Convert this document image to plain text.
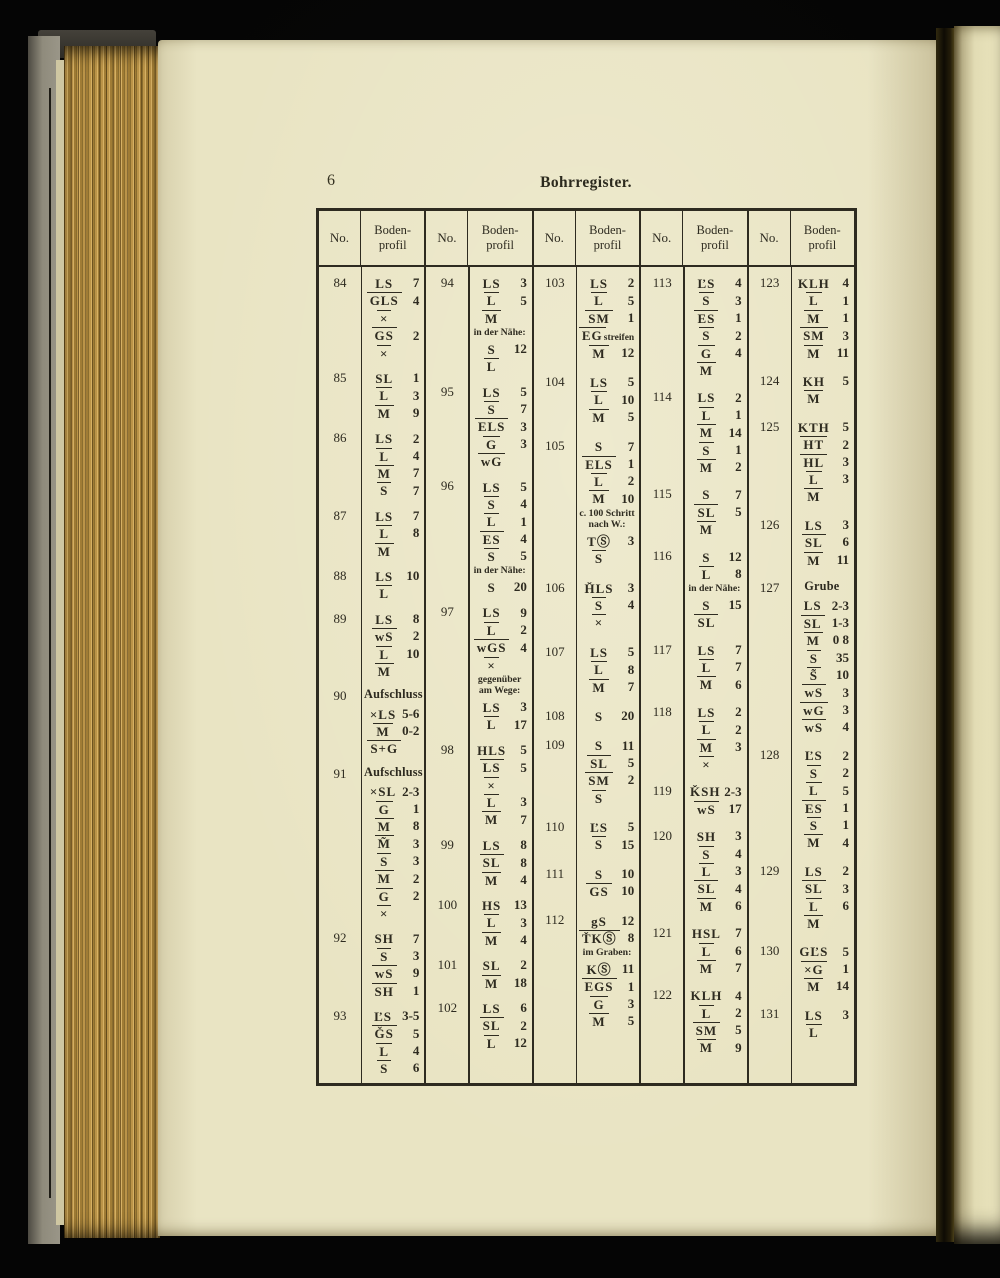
6	Bohrregister.
No.
Boden-
profil
84	LS	7
GLS	4
×
GS	2
×
85	SL	1
L	3
M	9
86	LS	2
L	4
M	7
S	7
87	LS	7
L	8
M
88	LS	10
L
89	LS	8
wS	2
L	10
M
90	Aufschluss
×LS 5-6
M 0-2
S+G
91	Aufschluss
×SL 2-3
G	1
M	8
M̃	3
S	3
M	2
G	2
×
92	SH	7
S	3
wS	9
SH	1
93	ĽS 3-5
ǦS	5
L	4
S	6
No.
Boden-
profil
94	LS	3
L	5
M
in der Nähe:
S	12
L
95	LS	5
S	7
ELS	3
G	3
wG
96	LS	5
S	4
L	1
ES	4
S	5
in der Nähe:
S	20
97	LS	9
L	2
wGS	4
×
gegenüber am Wege:
LS	3
L	17
98	HLS	5
LS	5
×
L	3
M	7
99	LS	8
SL	8
M	4
100	HS 13
L	3
M	4
101	SL	2
M	18
102	LS	6
SL	2
L	12
No.
Boden-
profil
103	LS	2
L	5
SM	1
EG streifen
M	12
104	LS	5
L	10
M	5
105	S	7
ELS	1
L	2
M	10
c. 100 Schritt nach W.:
TⓈ	3
S
106	H̆LS	3
S	4
×
107	LS	5
L	8
M	7
108	S	20
109	S	11
SL	5
SM	2
S
110	ĽS	5
S	15
111	S	10
GS 10
112	gS	12
ŤKⓈ 8
im Graben:
KⓈ 11
EGS	1
G	3
M	5
No.
Boden-
profil
113	ĽS	4
S	3
ES	1
S	2
G	4
M
114	LS	2
L	1
M	14
S	1
M	2
115	S	7
SL	5
M
116	S	12
L	8
in der Nähe:
S	15
SL
117	LS	7
L	7
M	6
118	LS	2
L	2
M	3
×
119	ǨSH 2-3
wS 17
120	SH	3
S	4
L	3
SL	4
M	6
121	HSL	7
L	6
M	7
122	KLH 4
L	2
SM	5
M	9
No.
Boden-
profil
123	KLH 4
L	1
M	1
SM	3
M	11
124	KH	5
M
125	KTH 5
HT	2
HL	3
L	3
M
126	LS	3
SL	6
M	11
127	Grube
LS 2-3
SL 1-3
M 0 8
S	35
S̃	10
wS	3
wG	3
wS	4
128	ĽS	2
S	2
L	5
ES	1
S	1
M	4
129	LS	2
SL	3
L	6
M
130	GĽS	5
×G	1
M	14
131	LS	3
L
